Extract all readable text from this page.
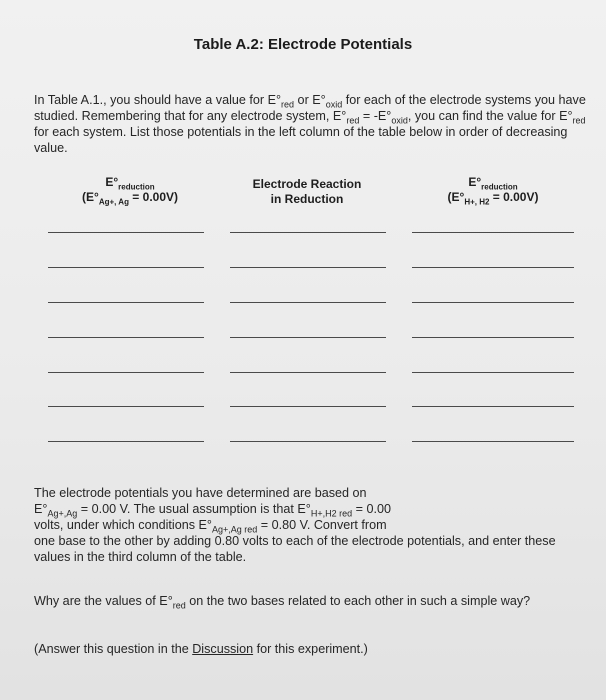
Table A.2: Electrode Potentials
In Table A.1., you should have a value for $E^\circ_{red}$ or $E^\circ_{oxid}$ for each of the electrode systems you have studied. Remembering that for any electrode system, $E^\circ_{red} = -E^\circ_{oxid}$, you can find the value for $E^\circ_{red}$ for each system. List those potentials in the left column of the table below in order of decreasing value.
$E^\circ_{reduction}$
$(E^\circ_{Ag+, Ag} = 0.00V)$
Electrode Reaction
in Reduction
$E^\circ_{reduction}$
$(E^\circ_{H+, H2} = 0.00V)$
The electrode potentials you have determined are based on
$E^\circ_{Ag+,Ag} = 0.00$ V. The usual assumption is that $E^\circ_{H+,H2 red} = 0.00$
volts, under which conditions $E^\circ_{Ag+,Ag red} = 0.80$ V. Convert from
one base to the other by adding 0.80 volts to each of the electrode potentials, and enter these values in the third column of the table.
Why are the values of $E^\circ_{red}$ on the two bases related to each other in such a simple way?
(Answer this question in the Discussion for this experiment.)
